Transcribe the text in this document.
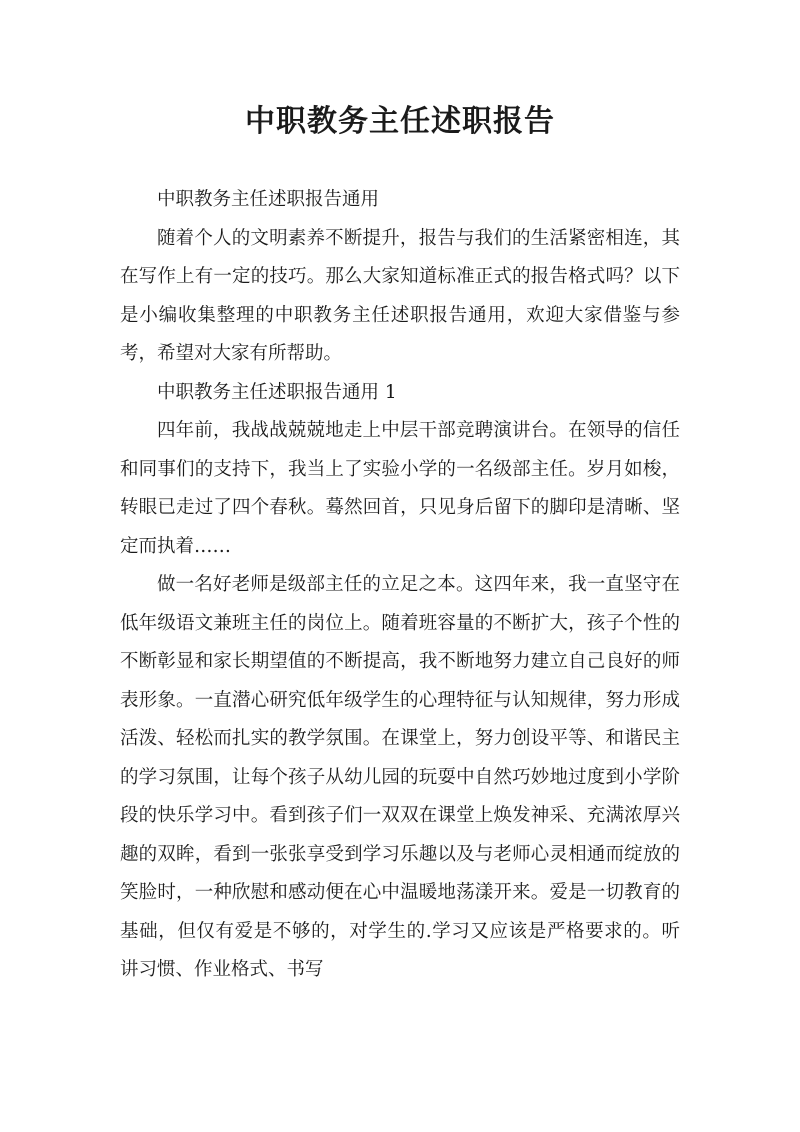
中职教务主任述职报告

中职教务主任述职报告通用

随着个人的文明素养不断提升，报告与我们的生活紧密相连，其在写作上有一定的技巧。那么大家知道标准正式的报告格式吗？以下是小编收集整理的中职教务主任述职报告通用，欢迎大家借鉴与参考，希望对大家有所帮助。

中职教务主任述职报告通用 1

四年前，我战战兢兢地走上中层干部竞聘演讲台。在领导的信任和同事们的支持下，我当上了实验小学的一名级部主任。岁月如梭，转眼已走过了四个春秋。蓦然回首，只见身后留下的脚印是清晰、坚定而执着……

做一名好老师是级部主任的立足之本。这四年来，我一直坚守在低年级语文兼班主任的岗位上。随着班容量的不断扩大，孩子个性的不断彰显和家长期望值的不断提高，我不断地努力建立自己良好的师表形象。一直潜心研究低年级学生的心理特征与认知规律，努力形成活泼、轻松而扎实的教学氛围。在课堂上，努力创设平等、和谐民主的学习氛围，让每个孩子从幼儿园的玩耍中自然巧妙地过度到小学阶段的快乐学习中。看到孩子们一双双在课堂上焕发神采、充满浓厚兴趣的双眸，看到一张张享受到学习乐趣以及与老师心灵相通而绽放的笑脸时，一种欣慰和感动便在心中温暖地荡漾开来。爱是一切教育的基础，但仅有爱是不够的，对学生的.学习又应该是严格要求的。听讲习惯、作业格式、书写
